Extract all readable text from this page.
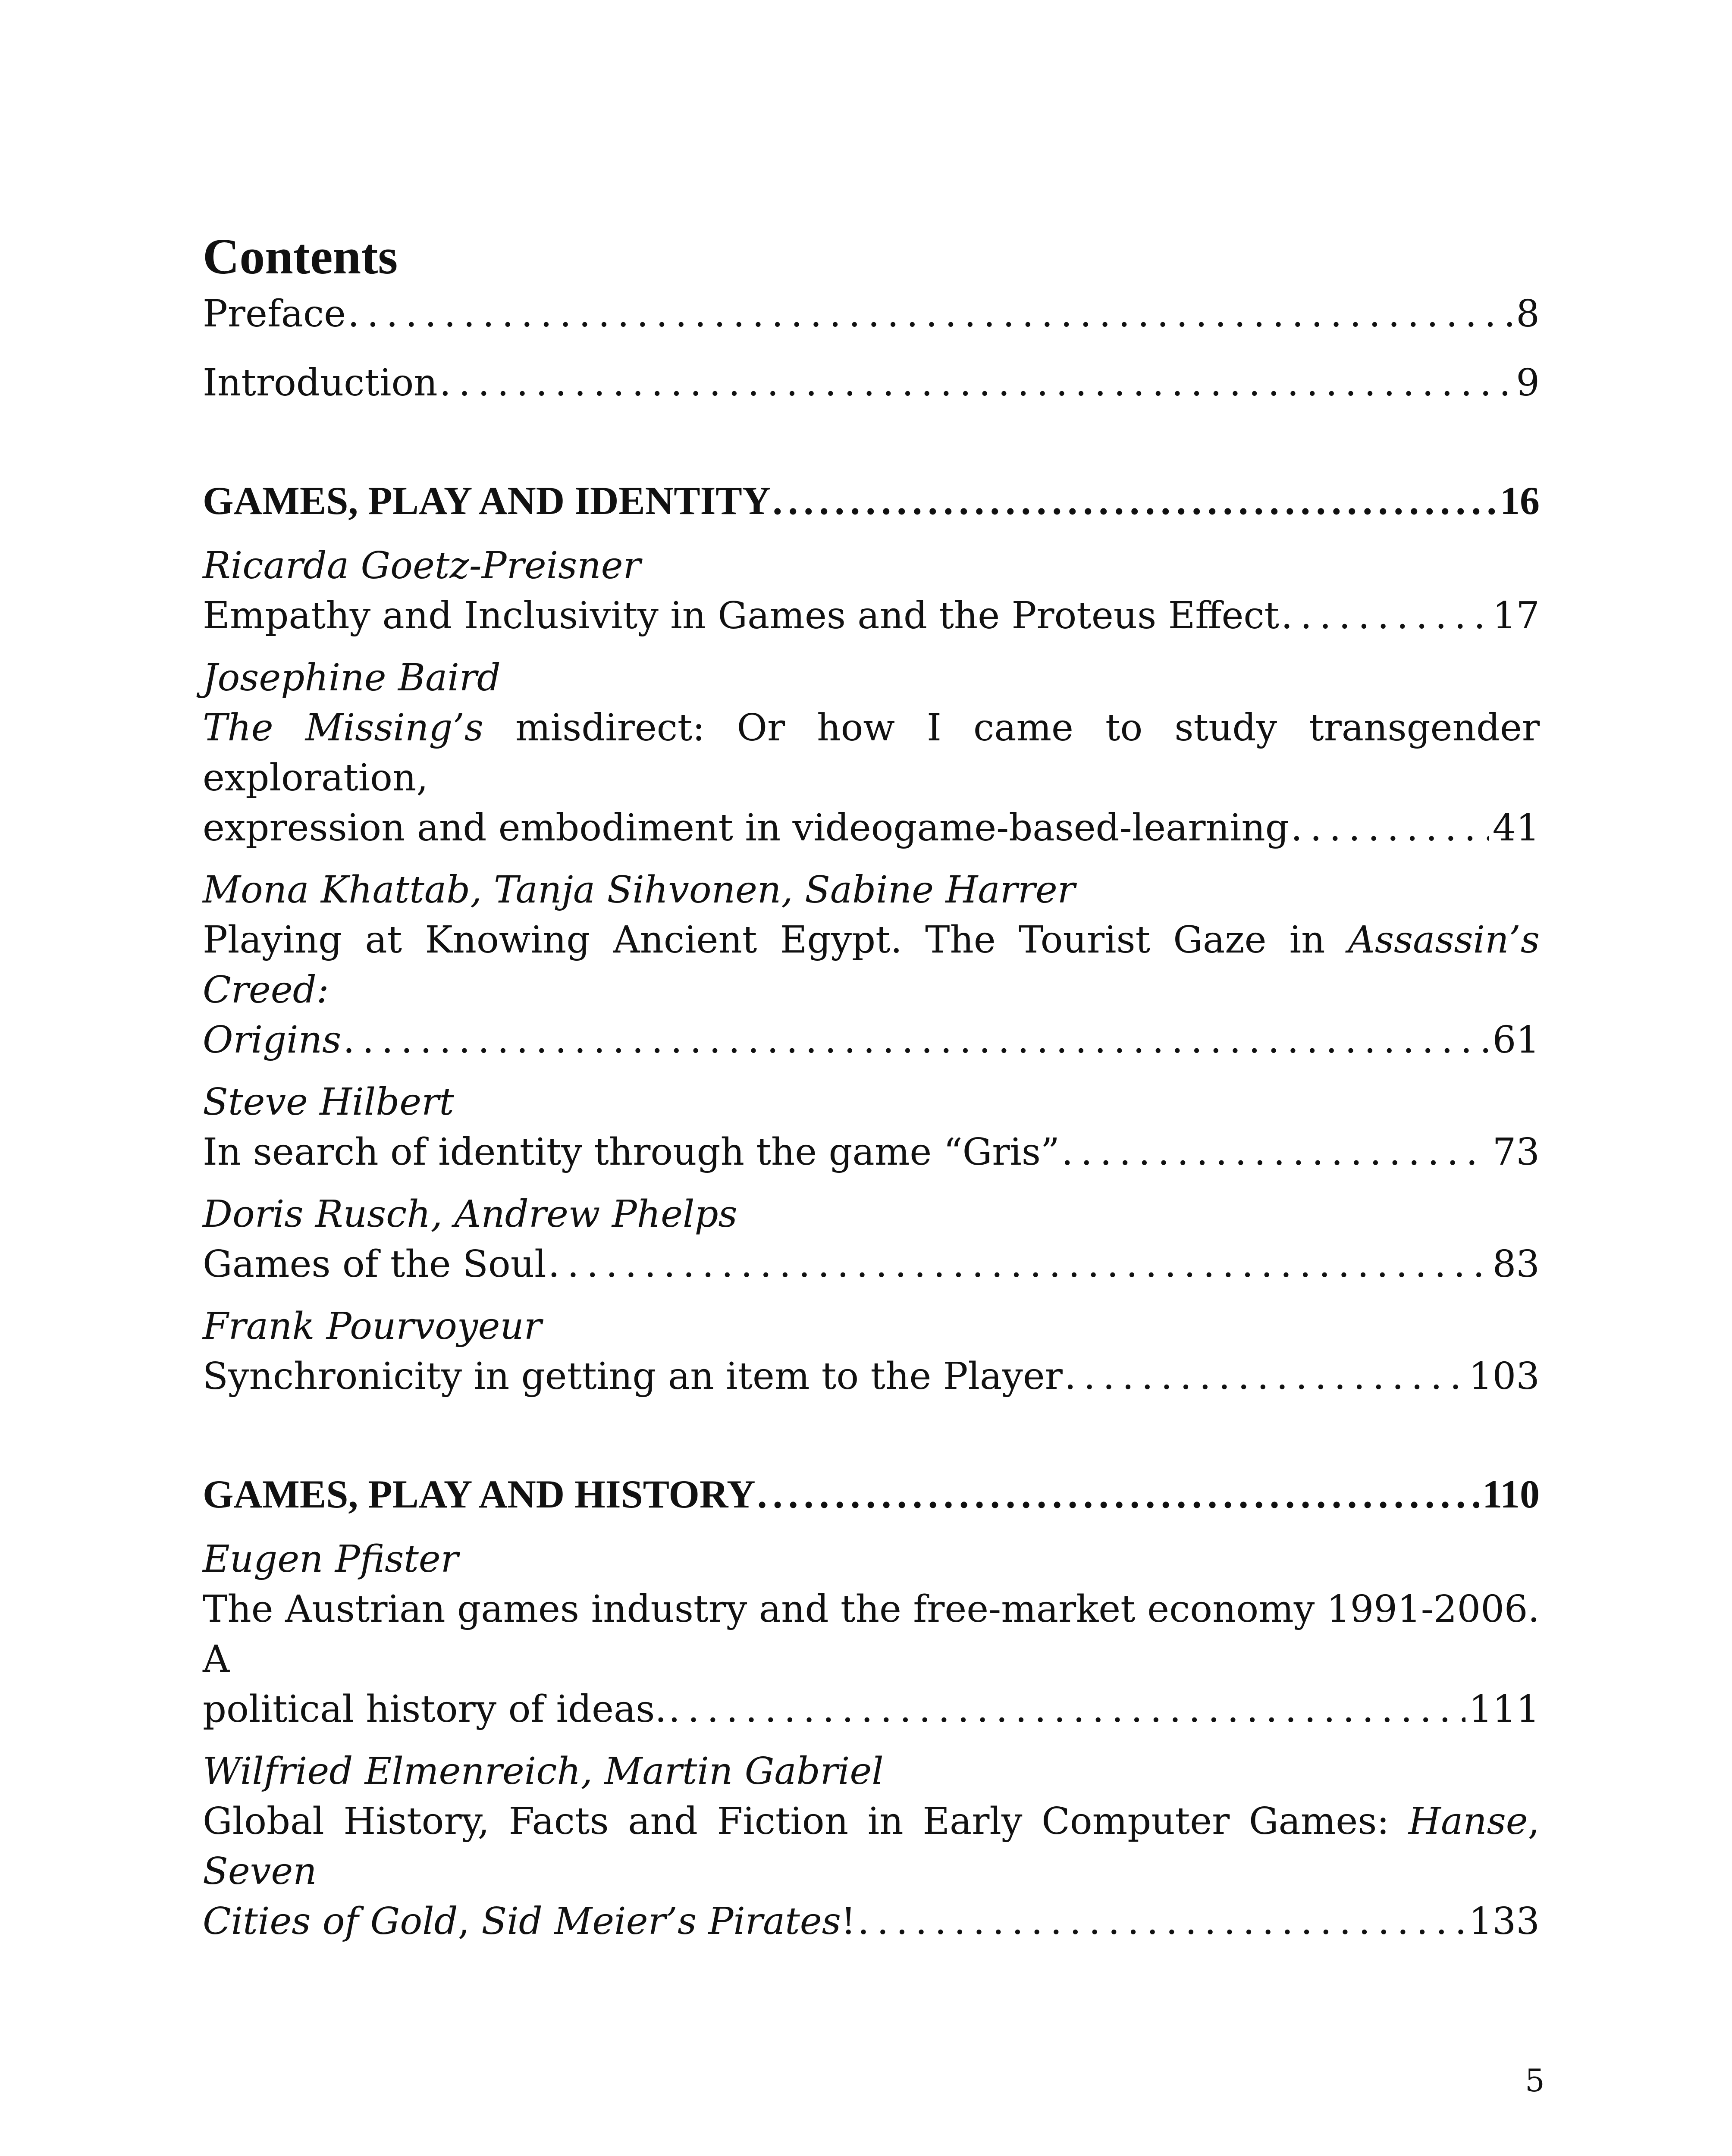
Contents
Preface . . .	8
Introduction . . .	9
GAMES, PLAY AND IDENTITY . . .	16
Ricarda Goetz-Preisner
Empathy and Inclusivity in Games and the Proteus Effect . . .	17
Josephine Baird
The Missing’s misdirect: Or how I came to study transgender exploration,
expression and embodiment in videogame-based-learning . . .	41
Mona Khattab, Tanja Sihvonen, Sabine Harrer
Playing at Knowing Ancient Egypt. The Tourist Gaze in Assassin’s Creed:
Origins . . .	61
Steve Hilbert
In search of identity through the game “Gris” . . .	73
Doris Rusch, Andrew Phelps
Games of the Soul . . .	83
Frank Pourvoyeur
Synchronicity in getting an item to the Player . . .	103
GAMES, PLAY AND HISTORY . . .	110
Eugen Pfister
The Austrian games industry and the free-market economy 1991-2006. A
political history of ideas. . . .	111
Wilfried Elmenreich, Martin Gabriel
Global History, Facts and Fiction in Early Computer Games: Hanse, Seven
Cities of Gold, Sid Meier’s Pirates! . . .	133
5
